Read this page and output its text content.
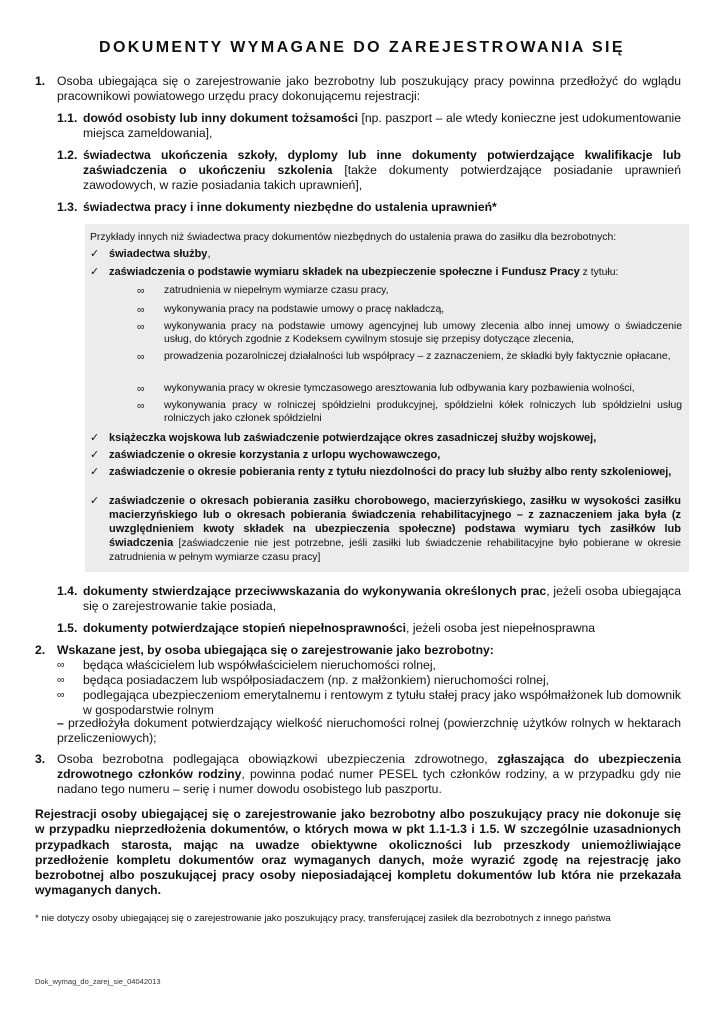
DOKUMENTY WYMAGANE DO ZAREJESTROWANIA SIĘ
1. Osoba ubiegająca się o zarejestrowanie jako bezrobotny lub poszukujący pracy powinna przedłożyć do wglądu pracownikowi powiatowego urzędu pracy dokonującemu rejestracji:
1.1. dowód osobisty lub inny dokument tożsamości [np. paszport – ale wtedy konieczne jest udokumentowanie miejsca zameldowania],
1.2. świadectwa ukończenia szkoły, dyplomy lub inne dokumenty potwierdzające kwalifikacje lub zaświadczenia o ukończeniu szkolenia [także dokumenty potwierdzające posiadanie uprawnień zawodowych, w razie posiadania takich uprawnień],
1.3. świadectwa pracy i inne dokumenty niezbędne do ustalenia uprawnień*
Przykłady innych niż świadectwa pracy dokumentów niezbędnych do ustalenia prawa do zasiłku dla bezrobotnych:
✓ świadectwa służby,
✓ zaświadczenia o podstawie wymiaru składek na ubezpieczenie społeczne i Fundusz Pracy z tytułu:
∞ zatrudnienia w niepełnym wymiarze czasu pracy,
∞ wykonywania pracy na podstawie umowy o pracę nakładczą,
∞ wykonywania pracy na podstawie umowy agencyjnej lub umowy zlecenia albo innej umowy o świadczenie usług, do których zgodnie z Kodeksem cywilnym stosuje się przepisy dotyczące zlecenia,
∞ prowadzenia pozarolniczej działalności lub współpracy – z zaznaczeniem, że składki były faktycznie opłacane,
∞ wykonywania pracy w okresie tymczasowego aresztowania lub odbywania kary pozbawienia wolności,
∞ wykonywania pracy w rolniczej spółdzielni produkcyjnej, spółdzielni kółek rolniczych lub spółdzielni usług rolniczych jako członek spółdzielni
✓ książeczka wojskowa lub zaświadczenie potwierdzające okres zasadniczej służby wojskowej,
✓ zaświadczenie o okresie korzystania z urlopu wychowawczego,
✓ zaświadczenie o okresie pobierania renty z tytułu niezdolności do pracy lub służby albo renty szkoleniowej,
✓ zaświadczenie o okresach pobierania zasiłku chorobowego, macierzyńskiego, zasiłku w wysokości zasiłku macierzyńskiego lub o okresach pobierania świadczenia rehabilitacyjnego – z zaznaczeniem jaka była (z uwzględnieniem kwoty składek na ubezpieczenia społeczne) podstawa wymiaru tych zasiłków lub świadczenia [zaświadczenie nie jest potrzebne, jeśli zasiłki lub świadczenie rehabilitacyjne było pobierane w okresie zatrudnienia w pełnym wymiarze czasu pracy]
1.4. dokumenty stwierdzające przeciwwskazania do wykonywania określonych prac, jeżeli osoba ubiegająca się o zarejestrowanie takie posiada,
1.5. dokumenty potwierdzające stopień niepełnosprawności, jeżeli osoba jest niepełnosprawna
2. Wskazane jest, by osoba ubiegająca się o zarejestrowanie jako bezrobotny:
∞ będąca właścicielem lub współwłaścicielem nieruchomości rolnej,
∞ będąca posiadaczem lub współposiadaczem (np. z małżonkiem) nieruchomości rolnej,
∞ podlegająca ubezpieczeniom emerytalnemu i rentowym z tytułu stałej pracy jako współmałżonek lub domownik w gospodarstwie rolnym
– przedłożyła dokument potwierdzający wielkość nieruchomości rolnej (powierzchnię użytków rolnych w hektarach przeliczeniowych);
3. Osoba bezrobotna podlegająca obowiązkowi ubezpieczenia zdrowotnego, zgłaszająca do ubezpieczenia zdrowotnego członków rodziny, powinna podać numer PESEL tych członków rodziny, a w przypadku gdy nie nadano tego numeru – serię i numer dowodu osobistego lub paszportu.
Rejestracji osoby ubiegającej się o zarejestrowanie jako bezrobotny albo poszukujący pracy nie dokonuje się w przypadku nieprzedłożenia dokumentów, o których mowa w pkt 1.1-1.3 i 1.5. W szczególnie uzasadnionych przypadkach starosta, mając na uwadze obiektywne okoliczności lub przeszkody uniemożliwiające przedłożenie kompletu dokumentów oraz wymaganych danych, może wyrazić zgodę na rejestrację jako bezrobotnej albo poszukującej pracy osoby nieposiadającej kompletu dokumentów lub która nie przekazała wymaganych danych.
* nie dotyczy osoby ubiegającej się o zarejestrowanie jako poszukujący pracy, transferującej zasiłek dla bezrobotnych z innego państwa
Dok_wymag_do_zarej_sie_04042013
